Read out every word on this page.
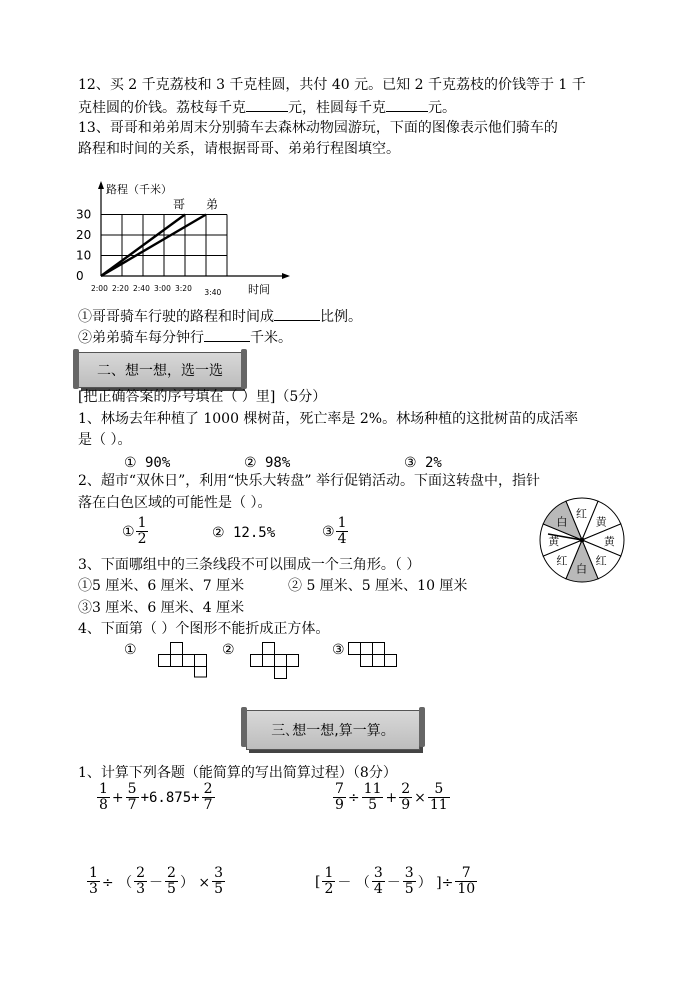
12、买 2 千克荔枝和 3 千克桂圆，共付 40 元。已知 2 千克荔枝的价钱等于 1 千
克桂圆的价钱。荔枝每千克	元，桂圆每千克	元。
13、哥哥和弟弟周末分别骑车去森林动物园游玩，下面的图像表示他们骑车的
路程和时间的关系，请根据哥哥、弟弟行程图填空。
30
20
10
0
2:00 2:20 2:40 3:00 3:20 3:40
路程（千米）
时间
哥 弟
①哥哥骑车行驶的路程和时间成	比例。
②弟弟骑车每分钟行	千米。
二、想一想，选一选
[把正确答案的序号填在（ ）里]（5分）
1、林场去年种植了 1000 棵树苗，死亡率是 2%。林场种植的这批树苗的成活率
是（ ）。
① 90%	② 98%	③ 2%
2、超市“双休日”，利用“快乐大转盘” 举行促销活动。下面这转盘中，指针
落在白色区域的可能性是（ ）。
① $\frac{1}{2}$	② 12.5%	③ $\frac{1}{4}$
红
黄
黄
红
白
红
黄
白
3、下面哪组中的三条线段不可以围成一个三角形。（ ）
①5 厘米、6 厘米、7 厘米	② 5 厘米、5 厘米、10 厘米
③3 厘米、6 厘米、4 厘米
4、下面第（ ）个图形不能折成正方体。
①	②	③
三､想一想,算一算。
1、计算下列各题（能简算的写出简算过程）（8分）
$\frac{1}{8} + \frac{5}{7} +6.875+ \frac{2}{7}$	$\frac{7}{9} \div \frac{11}{5} + \frac{2}{9} \times \frac{5}{11}$
$\frac{1}{3}$ ÷ （ $\frac{2}{3} - \frac{2}{5}$ ） × $\frac{3}{5}$	[ $\frac{1}{2}$ － （ $\frac{3}{4} - \frac{3}{5}$ ） ]÷ $\frac{7}{10}$
